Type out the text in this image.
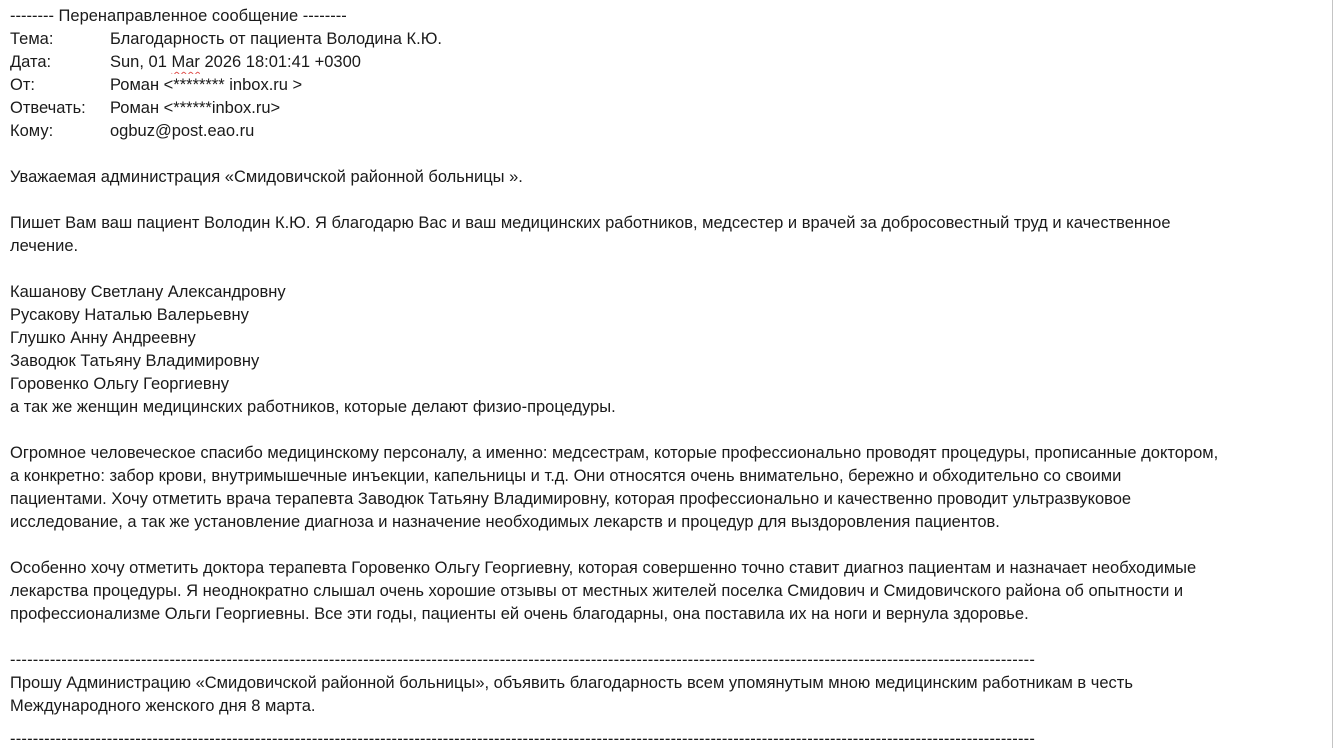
-------- Перенаправленное сообщение --------
Тема:	Благодарность от пациента Володина К.Ю.
Дата:	Sun, 01 Mar 2026 18:01:41 +0300
От:	Роман <******** inbox.ru >
Отвечать:	Роман <******inbox.ru>
Кому:	ogbuz@post.eao.ru
Уважаемая администрация «Смидовичской районной больницы ».
Пишет Вам ваш пациент Володин К.Ю. Я благодарю Вас и ваш медицинских работников, медсестер и врачей за добросовестный труд и качественное
лечение.
Кашанову Светлану Александровну
Русакову Наталью Валерьевну
Глушко Анну Андреевну
Заводюк Татьяну Владимировну
Горовенко Ольгу Георгиевну
а так же женщин медицинских работников, которые делают физио-процедуры.
Огромное человеческое спасибо медицинскому персоналу, а именно: медсестрам, которые профессионально проводят процедуры, прописанные доктором,
а конкретно: забор крови, внутримышечные инъекции, капельницы и т.д. Они относятся очень внимательно, бережно и обходительно со своими
пациентами. Хочу отметить врача терапевта Заводюк Татьяну Владимировну, которая профессионально и качественно проводит ультразвуковое
исследование, а так же установление диагноза и назначение необходимых лекарств и процедур для выздоровления пациентов.
Особенно хочу отметить доктора терапевта Горовенко Ольгу Георгиевну, которая совершенно точно ставит диагноз пациентам и назначает необходимые
лекарства процедуры. Я неоднократно слышал очень хорошие отзывы от местных жителей поселка Смидович и Смидовичского района об опытности и
профессионализме Ольги Георгиевны. Все эти годы, пациенты ей очень благодарны, она поставила их на ноги и вернула здоровье.
------------------------------------------------------------------------------------------------------------------------------------------------------------------------------------
Прошу Администрацию «Смидовичской районной больницы», объявить благодарность всем упомянутым мною медицинским работникам в честь
Международного женского дня 8 марта.
------------------------------------------------------------------------------------------------------------------------------------------------------------------------------------
